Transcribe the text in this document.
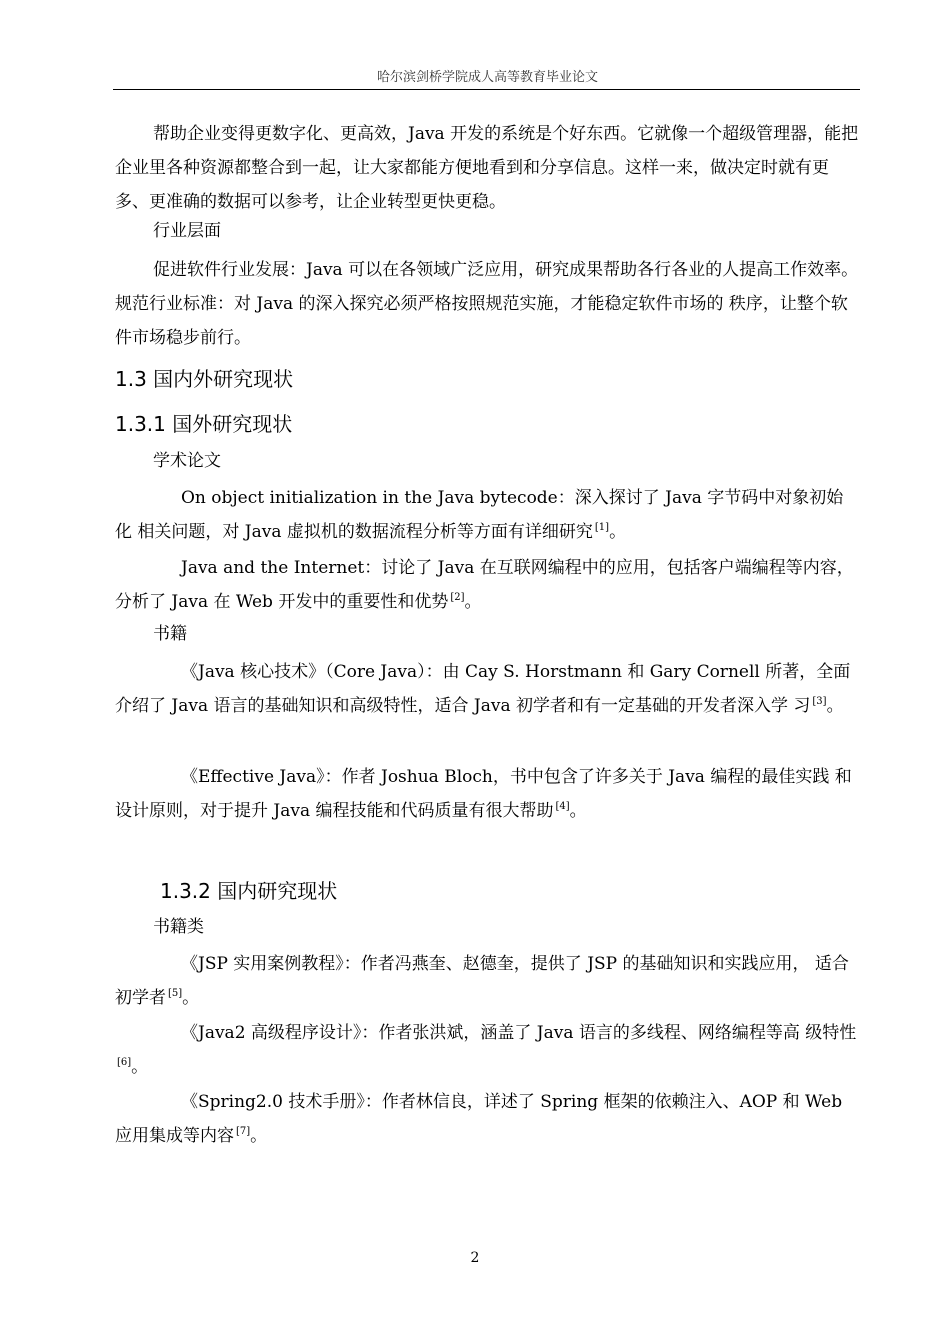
哈尔滨剑桥学院成人高等教育毕业论文

帮助企业变得更数字化、更高效，Java 开发的系统是个好东西。它就像一个超级管理器，能把企业里各种资源都整合到一起，让大家都能方便地看到和分享信息。这样一来，做决定时就有更多、更准确的数据可以参考，让企业转型更快更稳。

行业层面

促进软件行业发展：Java 可以在各领域广泛应用，研究成果帮助各行各业的人提高工作效率。规范行业标准：对 Java 的深入探究必须严格按照规范实施，才能稳定软件市场的 秩序，让整个软件市场稳步前行。

1.3 国内外研究现状
1.3.1 国外研究现状

学术论文

On object initialization in the Java bytecode：深入探讨了 Java 字节码中对象初始化 相关问题，对 Java 虚拟机的数据流程分析等方面有详细研究 [1]。

Java and the Internet：讨论了 Java 在互联网编程中的应用，包括客户端编程等内容， 分析了 Java 在 Web 开发中的重要性和优势 [2]。

书籍

《Java 核心技术》（Core Java）：由 Cay S. Horstmann 和 Gary Cornell 所著，全面 介绍了 Java 语言的基础知识和高级特性，适合 Java 初学者和有一定基础的开发者深入学 习 [3]。

《Effective Java》：作者 Joshua Bloch，书中包含了许多关于 Java 编程的最佳实践 和设计原则，对于提升 Java 编程技能和代码质量有很大帮助 [4]。

1.3.2 国内研究现状

书籍类

《JSP 实用案例教程》：作者冯燕奎、赵德奎，提供了 JSP 的基础知识和实践应用， 适合初学者 [5]。

《Java2 高级程序设计》：作者张洪斌，涵盖了 Java 语言的多线程、网络编程等高 级特性[6]。

《Spring2.0 技术手册》：作者林信良，详述了 Spring 框架的依赖注入、AOP 和 Web 应用集成等内容 [7]。

2
